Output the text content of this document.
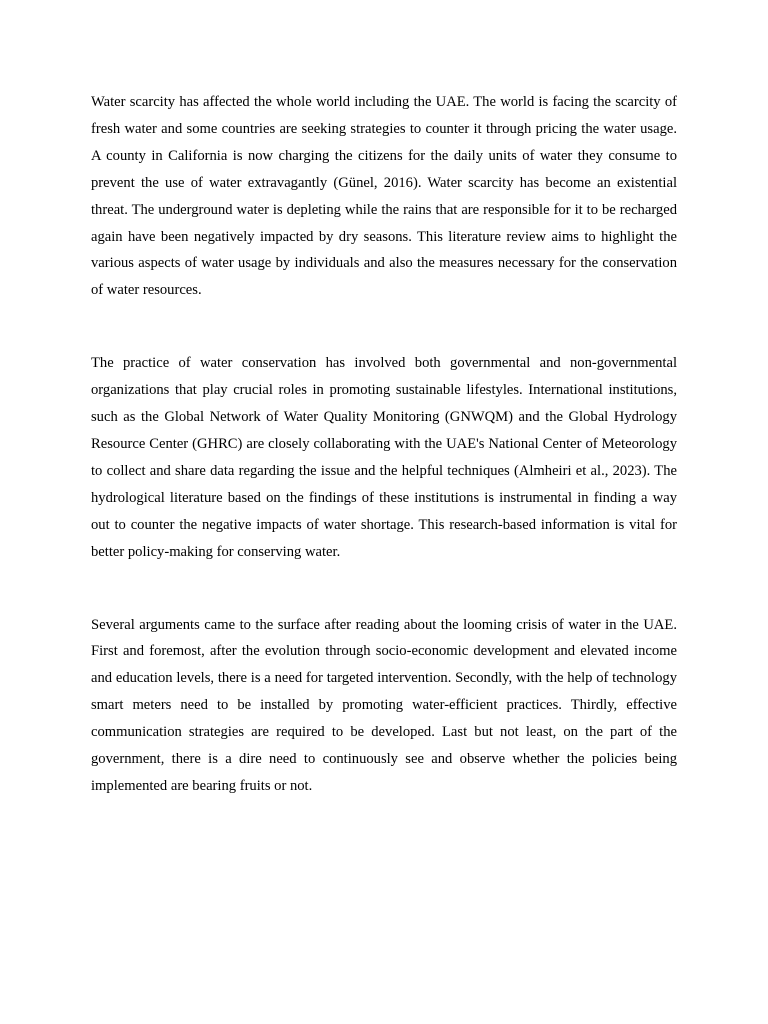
Water scarcity has affected the whole world including the UAE. The world is facing the scarcity of fresh water and some countries are seeking strategies to counter it through pricing the water usage. A county in California is now charging the citizens for the daily units of water they consume to prevent the use of water extravagantly (Günel, 2016). Water scarcity has become an existential threat. The underground water is depleting while the rains that are responsible for it to be recharged again have been negatively impacted by dry seasons. This literature review aims to highlight the various aspects of water usage by individuals and also the measures necessary for the conservation of water resources.

The practice of water conservation has involved both governmental and non-governmental organizations that play crucial roles in promoting sustainable lifestyles. International institutions, such as the Global Network of Water Quality Monitoring (GNWQM) and the Global Hydrology Resource Center (GHRC) are closely collaborating with the UAE's National Center of Meteorology to collect and share data regarding the issue and the helpful techniques (Almheiri et al., 2023). The hydrological literature based on the findings of these institutions is instrumental in finding a way out to counter the negative impacts of water shortage. This research-based information is vital for better policy-making for conserving water.

Several arguments came to the surface after reading about the looming crisis of water in the UAE. First and foremost, after the evolution through socio-economic development and elevated income and education levels, there is a need for targeted intervention. Secondly, with the help of technology smart meters need to be installed by promoting water-efficient practices. Thirdly, effective communication strategies are required to be developed. Last but not least, on the part of the government, there is a dire need to continuously see and observe whether the policies being implemented are bearing fruits or not.
